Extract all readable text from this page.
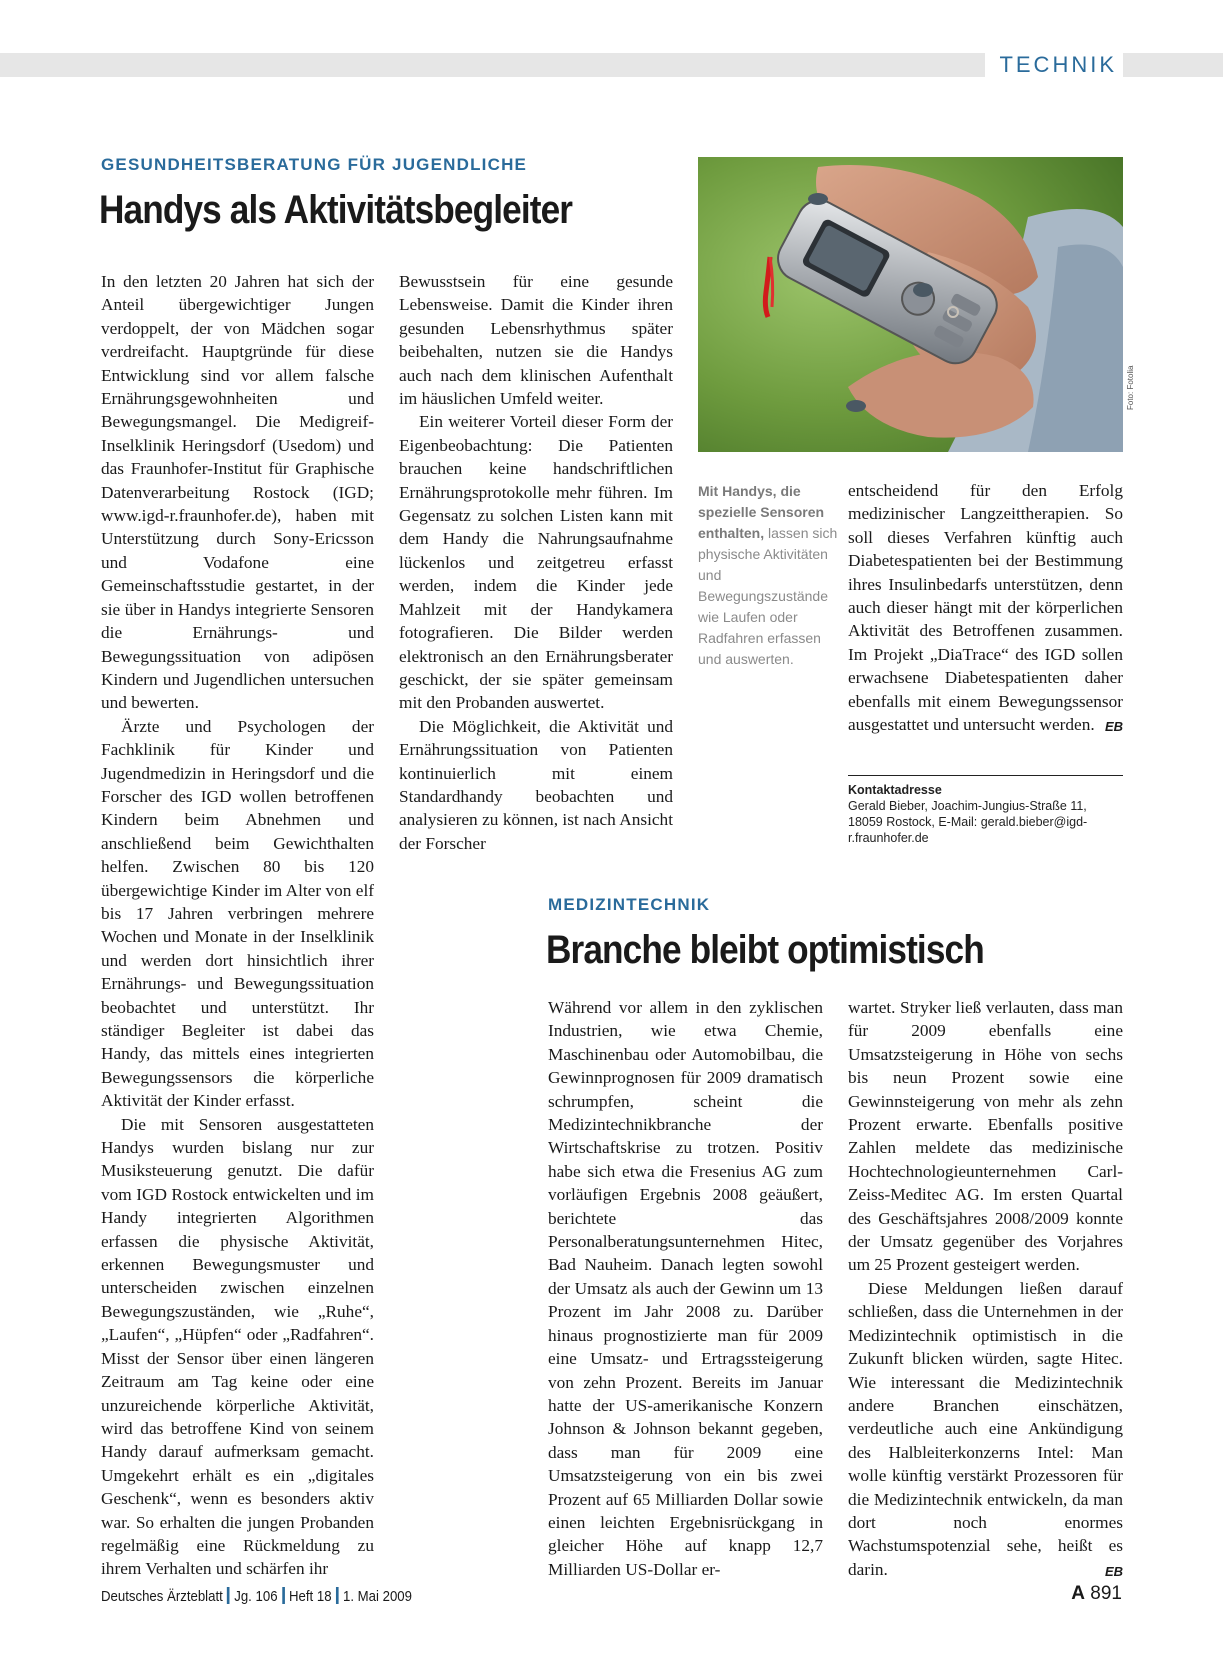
TECHNIK
GESUNDHEITSBERATUNG FÜR JUGENDLICHE
Handys als Aktivitätsbegleiter

In den letzten 20 Jahren hat sich der Anteil übergewichtiger Jungen verdoppelt, der von Mädchen sogar verdreifacht. Hauptgründe für diese Entwicklung sind vor allem falsche Ernährungsgewohnheiten und Bewegungsmangel. Die Medigreif-Inselklinik Heringsdorf (Usedom) und das Fraunhofer-Institut für Graphische Datenverarbeitung Rostock (IGD; www.igd-r.fraunhofer.de), haben mit Unterstützung durch Sony-Ericsson und Vodafone eine Gemeinschaftsstudie gestartet, in der sie über in Handys integrierte Sensoren die Ernährungs- und Bewegungssituation von adipösen Kindern und Jugendlichen untersuchen und bewerten.

Ärzte und Psychologen der Fachklinik für Kinder und Jugendmedizin in Heringsdorf und die Forscher des IGD wollen betroffenen Kindern beim Abnehmen und anschließend beim Gewichthalten helfen. Zwischen 80 bis 120 übergewichtige Kinder im Alter von elf bis 17 Jahren verbringen mehrere Wochen und Monate in der Inselklinik und werden dort hinsichtlich ihrer Ernährungs- und Bewegungssituation beobachtet und unterstützt. Ihr ständiger Begleiter ist dabei das Handy, das mittels eines integrierten Bewegungssensors die körperliche Aktivität der Kinder erfasst.

Die mit Sensoren ausgestatteten Handys wurden bislang nur zur Musiksteuerung genutzt. Die dafür vom IGD Rostock entwickelten und im Handy integrierten Algorithmen erfassen die physische Aktivität, erkennen Bewegungsmuster und unterscheiden zwischen einzelnen Bewegungszuständen, wie „Ruhe“, „Laufen“, „Hüpfen“ oder „Radfahren“. Misst der Sensor über einen längeren Zeitraum am Tag keine oder eine unzureichende körperliche Aktivität, wird das betroffene Kind von seinem Handy darauf aufmerksam gemacht. Umgekehrt erhält es ein „digitales Geschenk“, wenn es besonders aktiv war. So erhalten die jungen Probanden regelmäßig eine Rückmeldung zu ihrem Verhalten und schärfen ihr

Bewusstsein für eine gesunde Lebensweise. Damit die Kinder ihren gesunden Lebensrhythmus später beibehalten, nutzen sie die Handys auch nach dem klinischen Aufenthalt im häuslichen Umfeld weiter.

Ein weiterer Vorteil dieser Form der Eigenbeobachtung: Die Patienten brauchen keine handschriftlichen Ernährungsprotokolle mehr führen. Im Gegensatz zu solchen Listen kann mit dem Handy die Nahrungsaufnahme lückenlos und zeitgetreu erfasst werden, indem die Kinder jede Mahlzeit mit der Handykamera fotografieren. Die Bilder werden elektronisch an den Ernährungsberater geschickt, der sie später gemeinsam mit den Probanden auswertet.

Die Möglichkeit, die Aktivität und Ernährungssituation von Patienten kontinuierlich mit einem Standardhandy beobachten und analysieren zu können, ist nach Ansicht der Forscher

Foto: Fotolia
Mit Handys, die spezielle Sensoren enthalten, lassen sich physische Aktivitäten und Bewegungszustände wie Laufen oder Radfahren erfassen und auswerten.

entscheidend für den Erfolg medizinischer Langzeittherapien. So soll dieses Verfahren künftig auch Diabetespatienten bei der Bestimmung ihres Insulinbedarfs unterstützen, denn auch dieser hängt mit der körperlichen Aktivität des Betroffenen zusammen. Im Projekt „DiaTrace“ des IGD sollen erwachsene Diabetespatienten daher ebenfalls mit einem Bewegungssensor ausgestattet und untersucht werden. EB

Kontaktadresse
Gerald Bieber, Joachim-Jungius-Straße 11, 18059 Rostock, E-Mail: gerald.bieber@igd-r.fraunhofer.de
MEDIZINTECHNIK
Branche bleibt optimistisch

Während vor allem in den zyklischen Industrien, wie etwa Chemie, Maschinenbau oder Automobilbau, die Gewinnprognosen für 2009 dramatisch schrumpfen, scheint die Medizintechnikbranche der Wirtschaftskrise zu trotzen. Positiv habe sich etwa die Fresenius AG zum vorläufigen Ergebnis 2008 geäußert, berichtete das Personalberatungsunternehmen Hitec, Bad Nauheim. Danach legten sowohl der Umsatz als auch der Gewinn um 13 Prozent im Jahr 2008 zu. Darüber hinaus prognostizierte man für 2009 eine Umsatz- und Ertragssteigerung von zehn Prozent. Bereits im Januar hatte der US-amerikanische Konzern Johnson & Johnson bekannt gegeben, dass man für 2009 eine Umsatzsteigerung von ein bis zwei Prozent auf 65 Milliarden Dollar sowie einen leichten Ergebnisrückgang in gleicher Höhe auf knapp 12,7 Milliarden US-Dollar er-

wartet. Stryker ließ verlauten, dass man für 2009 ebenfalls eine Umsatzsteigerung in Höhe von sechs bis neun Prozent sowie eine Gewinnsteigerung von mehr als zehn Prozent erwarte. Ebenfalls positive Zahlen meldete das medizinische Hochtechnologieunternehmen Carl-Zeiss-Meditec AG. Im ersten Quartal des Geschäftsjahres 2008/2009 konnte der Umsatz gegenüber des Vorjahres um 25 Prozent gesteigert werden.

Diese Meldungen ließen darauf schließen, dass die Unternehmen in der Medizintechnik optimistisch in die Zukunft blicken würden, sagte Hitec. Wie interessant die Medizintechnik andere Branchen einschätzen, verdeutliche auch eine Ankündigung des Halbleiterkonzerns Intel: Man wolle künftig verstärkt Prozessoren für die Medizintechnik entwickeln, da man dort noch enormes Wachstumspotenzial sehe, heißt es darin.	EB

Deutsches Ärzteblatt Jg. 106 Heft 18 1. Mai 2009	A 891
